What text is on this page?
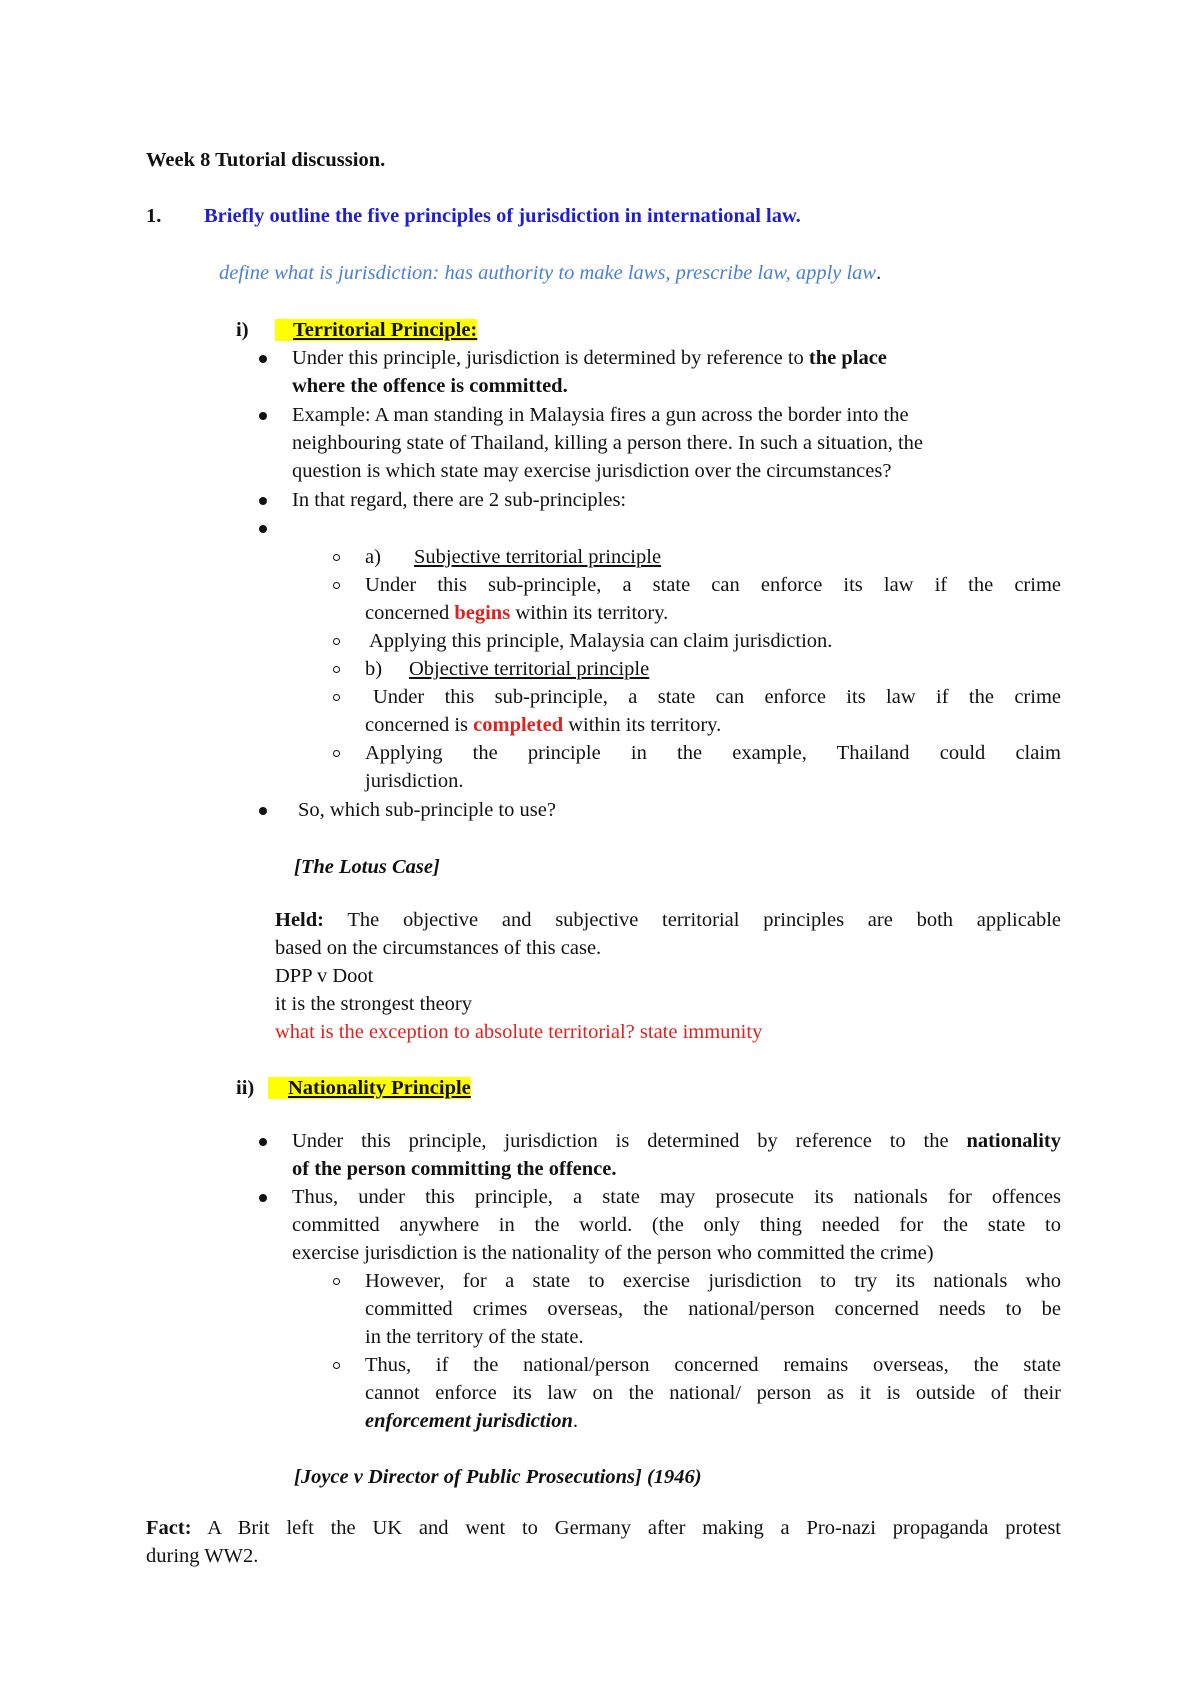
Week 8 Tutorial discussion.
1. Briefly outline the five principles of jurisdiction in international law.
define what is jurisdiction: has authority to make laws, prescribe law, apply law.
i)	Territorial Principle:
Under this principle, jurisdiction is determined by reference to the place
where the offence is committed.
Example: A man standing in Malaysia fires a gun across the border into the
neighbouring state of Thailand, killing a person there. In such a situation, the
question is which state may exercise jurisdiction over the circumstances?
In that regard, there are 2 sub-principles:
a) Subjective territorial principle
Under this sub-principle, a state can enforce its law if the crime
concerned begins within its territory.
Applying this principle, Malaysia can claim jurisdiction.
b) Objective territorial principle
Under this sub-principle, a state can enforce its law if the crime
concerned is completed within its territory.
Applying the principle in the example, Thailand could claim
jurisdiction.
So, which sub-principle to use?
[The Lotus Case]
Held: The objective and subjective territorial principles are both applicable
based on the circumstances of this case.
DPP v Doot
it is the strongest theory
what is the exception to absolute territorial? state immunity
ii)	Nationality Principle
Under this principle, jurisdiction is determined by reference to the nationality
of the person committing the offence.
Thus, under this principle, a state may prosecute its nationals for offences
committed anywhere in the world. (the only thing needed for the state to
exercise jurisdiction is the nationality of the person who committed the crime)
However, for a state to exercise jurisdiction to try its nationals who
committed crimes overseas, the national/person concerned needs to be
in the territory of the state.
Thus, if the national/person concerned remains overseas, the state
cannot enforce its law on the national/ person as it is outside of their
enforcement jurisdiction.
[Joyce v Director of Public Prosecutions] (1946)
Fact: A Brit left the UK and went to Germany after making a Pro-nazi propaganda protest
during WW2.
